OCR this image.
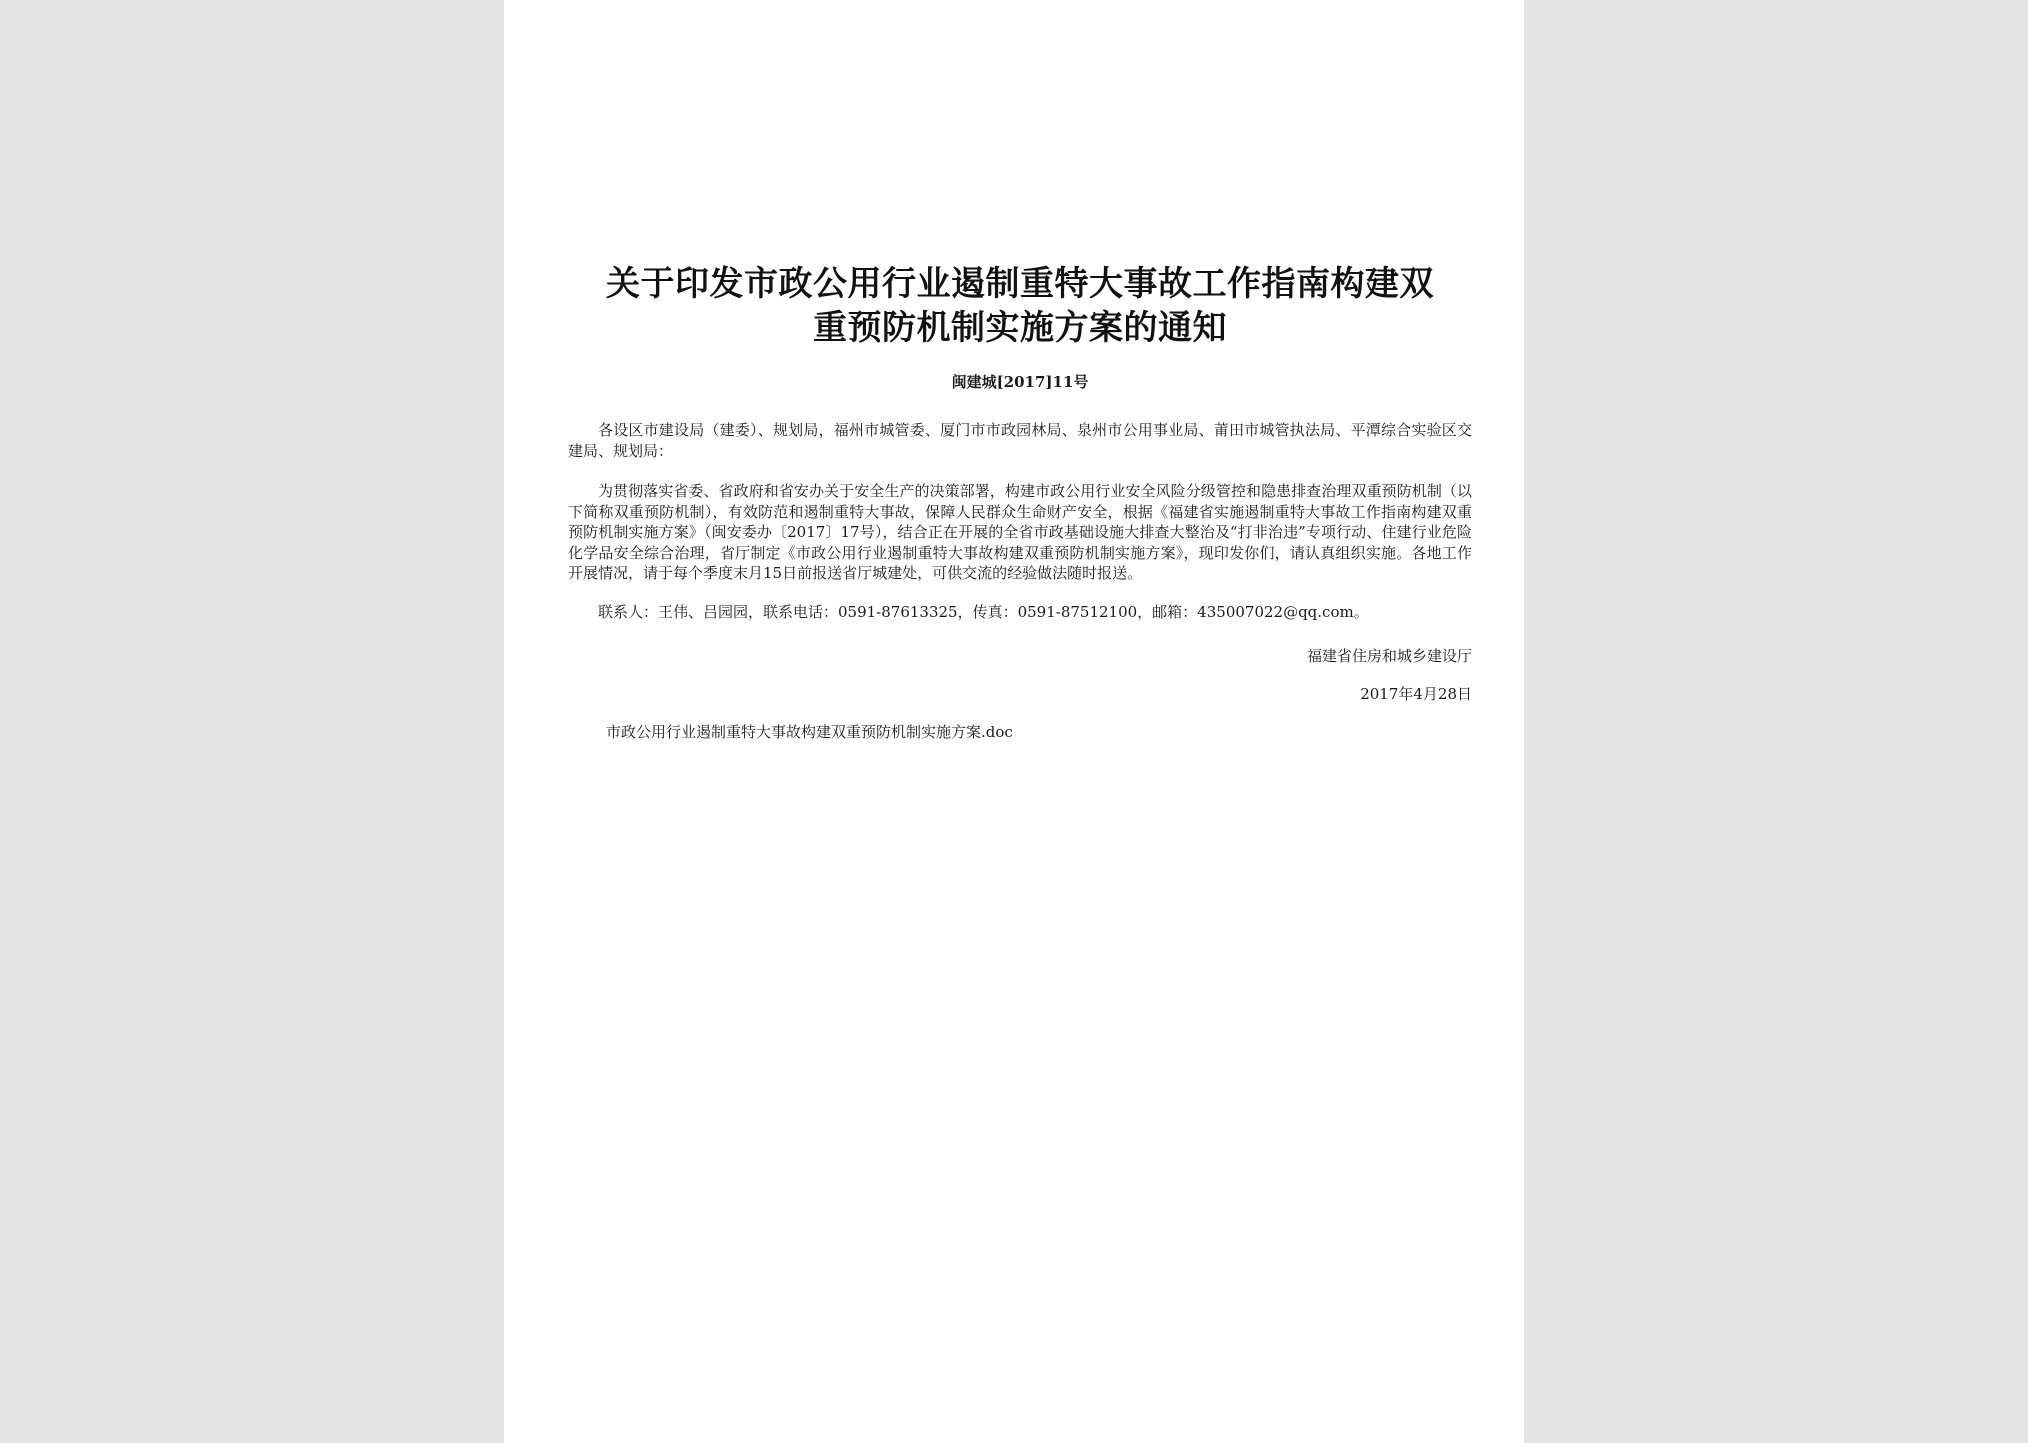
关于印发市政公用行业遏制重特大事故工作指南构建双
重预防机制实施方案的通知
闽建城[2017]11号

各设区市建设局（建委）、规划局，福州市城管委、厦门市市政园林局、泉州市公用事业局、莆田市城管执法局、平潭综合实验区交建局、规划局：

为贯彻落实省委、省政府和省安办关于安全生产的决策部署，构建市政公用行业安全风险分级管控和隐患排查治理双重预防机制（以下简称双重预防机制），有效防范和遏制重特大事故，保障人民群众生命财产安全，根据《福建省实施遏制重特大事故工作指南构建双重预防机制实施方案》（闽安委办〔2017〕17号），结合正在开展的全省市政基础设施大排查大整治及“打非治违”专项行动、住建行业危险化学品安全综合治理，省厅制定《市政公用行业遏制重特大事故构建双重预防机制实施方案》，现印发你们，请认真组织实施。各地工作开展情况，请于每个季度末月15日前报送省厅城建处，可供交流的经验做法随时报送。

联系人：王伟、吕园园，联系电话：0591-87613325，传真：0591-87512100，邮箱：435007022@qq.com。

福建省住房和城乡建设厅
2017年4月28日
市政公用行业遏制重特大事故构建双重预防机制实施方案.doc
